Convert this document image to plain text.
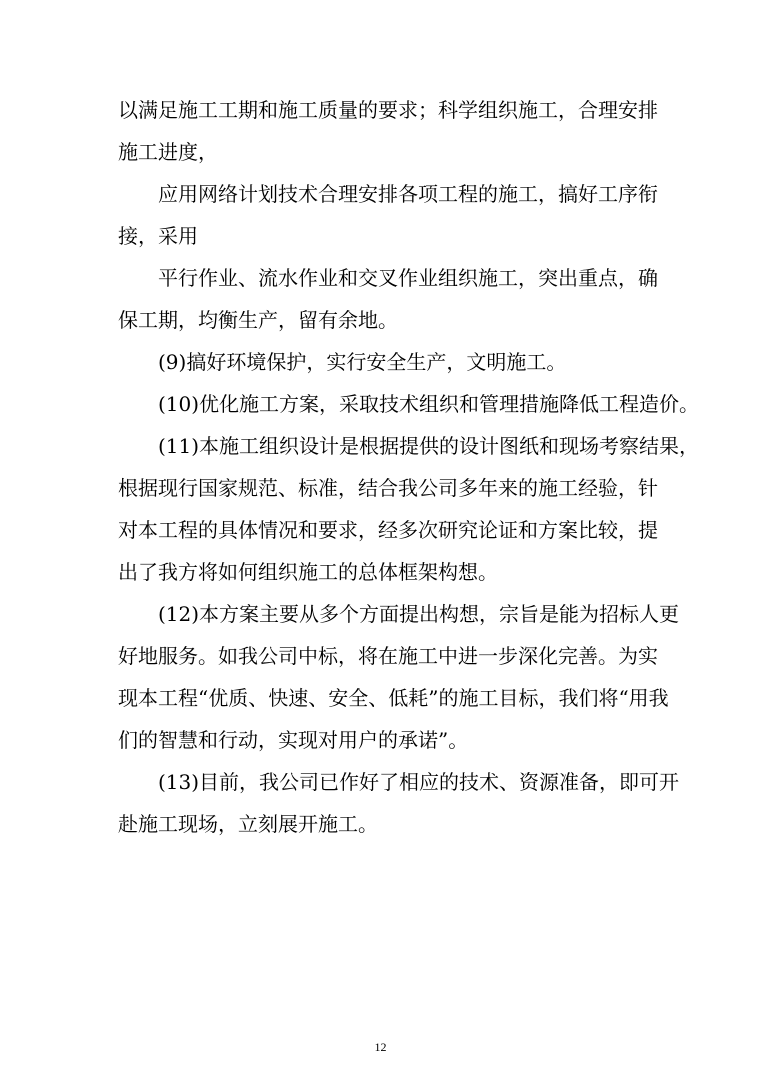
以满足施工工期和施工质量的要求；科学组织施工，合理安排
施工进度，
应用网络计划技术合理安排各项工程的施工，搞好工序衔
接，采用
平行作业、流水作业和交叉作业组织施工，突出重点，确
保工期，均衡生产，留有余地。
(9)搞好环境保护，实行安全生产，文明施工。
(10)优化施工方案，采取技术组织和管理措施降低工程造价。
(11)本施工组织设计是根据提供的设计图纸和现场考察结果，
根据现行国家规范、标准，结合我公司多年来的施工经验，针
对本工程的具体情况和要求，经多次研究论证和方案比较，提
出了我方将如何组织施工的总体框架构想。
(12)本方案主要从多个方面提出构想，宗旨是能为招标人更
好地服务。如我公司中标，将在施工中进一步深化完善。为实
现本工程“优质、快速、安全、低耗”的施工目标，我们将“用我
们的智慧和行动，实现对用户的承诺”。
(13)目前，我公司已作好了相应的技术、资源准备，即可开
赴施工现场，立刻展开施工。
12
